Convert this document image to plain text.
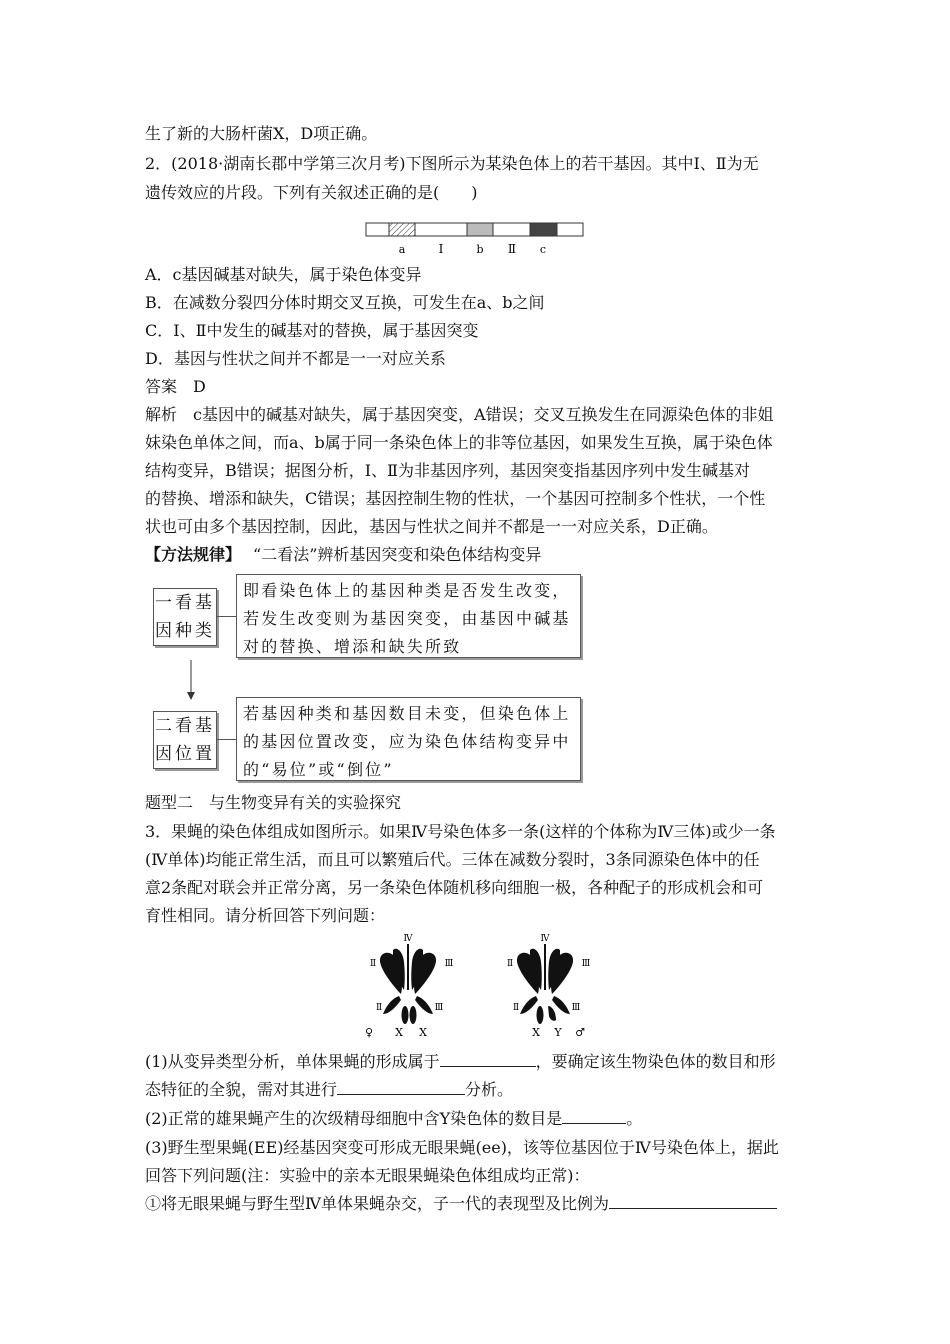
生了新的大肠杆菌X，D项正确。
2．(2018·湖南长郡中学第三次月考)下图所示为某染色体上的若干基因。其中Ⅰ、Ⅱ为无
遗传效应的片段。下列有关叙述正确的是(　　)
a	Ⅰ	b Ⅱ c
A．c基因碱基对缺失，属于染色体变异
B．在减数分裂四分体时期交叉互换，可发生在a、b之间
C．Ⅰ、Ⅱ中发生的碱基对的替换，属于基因突变
D．基因与性状之间并不都是一一对应关系
答案　D
解析　c基因中的碱基对缺失，属于基因突变，A错误；交叉互换发生在同源染色体的非姐
妹染色单体之间，而a、b属于同一条染色体上的非等位基因，如果发生互换，属于染色体
结构变异，B错误；据图分析，Ⅰ、Ⅱ为非基因序列，基因突变指基因序列中发生碱基对
的替换、增添和缺失，C错误；基因控制生物的性状，一个基因可控制多个性状，一个性
状也可由多个基因控制，因此，基因与性状之间并不都是一一对应关系，D正确。
【方法规律】 “二看法”辨析基因突变和染色体结构变异
一看基
因种类
即看染色体上的基因种类是否发生改变，
若发生改变则为基因突变，由基因中碱基
对的替换、增添和缺失所致
二看基
因位置
若基因种类和基因数目未变，但染色体上
的基因位置改变，应为染色体结构变异中
的“易位”或“倒位”
题型二　与生物变异有关的实验探究
3．果蝇的染色体组成如图所示。如果Ⅳ号染色体多一条(这样的个体称为Ⅳ三体)或少一条
(Ⅳ单体)均能正常生活，而且可以繁殖后代。三体在减数分裂时，3条同源染色体中的任
意2条配对联会并正常分离，另一条染色体随机移向细胞一极，各种配子的形成机会和可
育性相同。请分析回答下列问题：
Ⅳ
Ⅱ	Ⅲ
Ⅱ	Ⅲ
♀ X X
Ⅳ
Ⅱ	Ⅲ
Ⅱ	Ⅲ
X Y ♂
(1)从变异类型分析，单体果蝇的形成属于	，要确定该生物染色体的数目和形
态特征的全貌，需对其进行	分析。
(2)正常的雄果蝇产生的次级精母细胞中含Y染色体的数目是	。
(3)野生型果蝇(EE)经基因突变可形成无眼果蝇(ee)，该等位基因位于Ⅳ号染色体上，据此
回答下列问题(注：实验中的亲本无眼果蝇染色体组成均正常)：
①将无眼果蝇与野生型Ⅳ单体果蝇杂交，子一代的表现型及比例为
